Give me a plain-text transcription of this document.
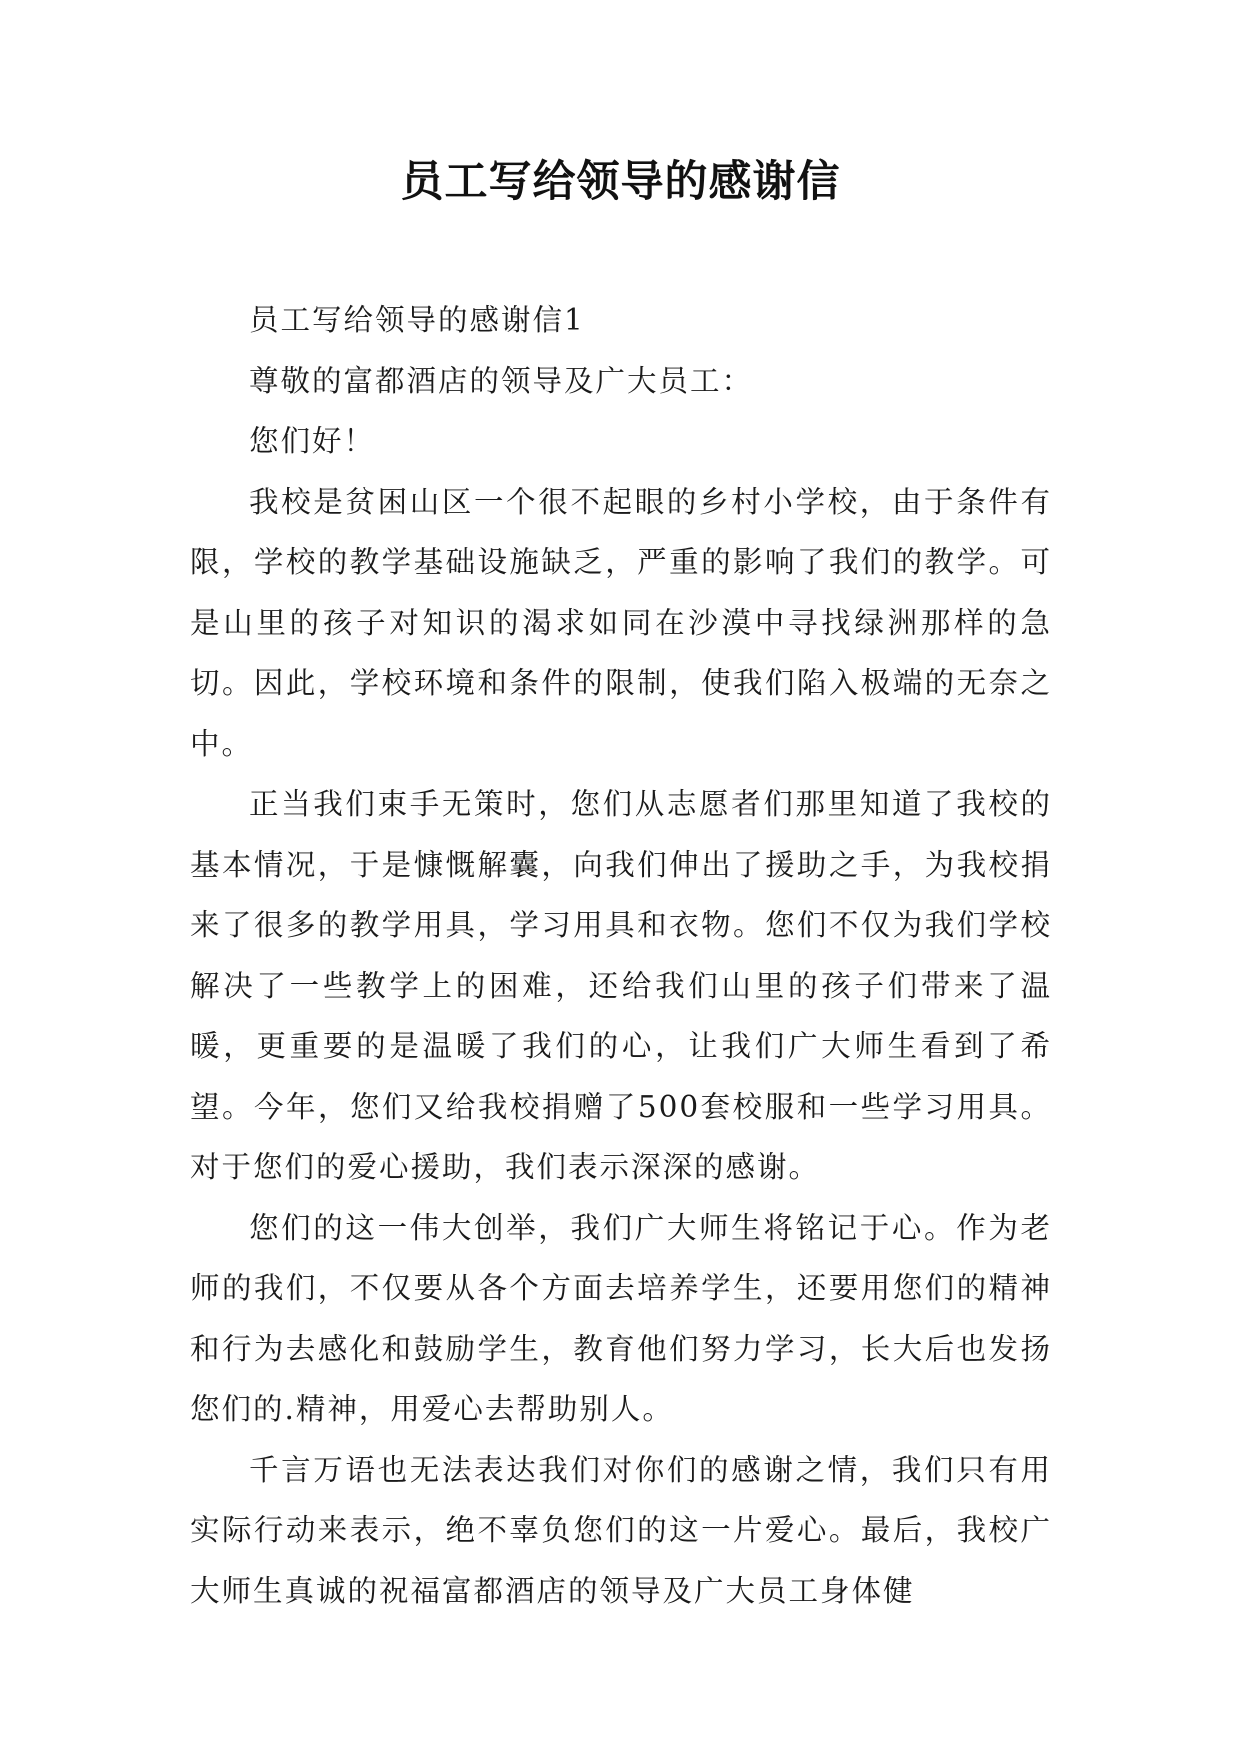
员工写给领导的感谢信

员工写给领导的感谢信1

尊敬的富都酒店的领导及广大员工：

您们好！

我校是贫困山区一个很不起眼的乡村小学校，由于条件有限，学校的教学基础设施缺乏，严重的影响了我们的教学。可是山里的孩子对知识的渴求如同在沙漠中寻找绿洲那样的急切。因此，学校环境和条件的限制，使我们陷入极端的无奈之中。

正当我们束手无策时，您们从志愿者们那里知道了我校的基本情况，于是慷慨解囊，向我们伸出了援助之手，为我校捐来了很多的教学用具，学习用具和衣物。您们不仅为我们学校解决了一些教学上的困难，还给我们山里的孩子们带来了温暖，更重要的是温暖了我们的心，让我们广大师生看到了希望。今年，您们又给我校捐赠了500套校服和一些学习用具。对于您们的爱心援助，我们表示深深的感谢。

您们的这一伟大创举，我们广大师生将铭记于心。作为老师的我们，不仅要从各个方面去培养学生，还要用您们的精神和行为去感化和鼓励学生，教育他们努力学习，长大后也发扬您们的.精神，用爱心去帮助别人。

千言万语也无法表达我们对你们的感谢之情，我们只有用实际行动来表示，绝不辜负您们的这一片爱心。最后，我校广大师生真诚的祝福富都酒店的领导及广大员工身体健
